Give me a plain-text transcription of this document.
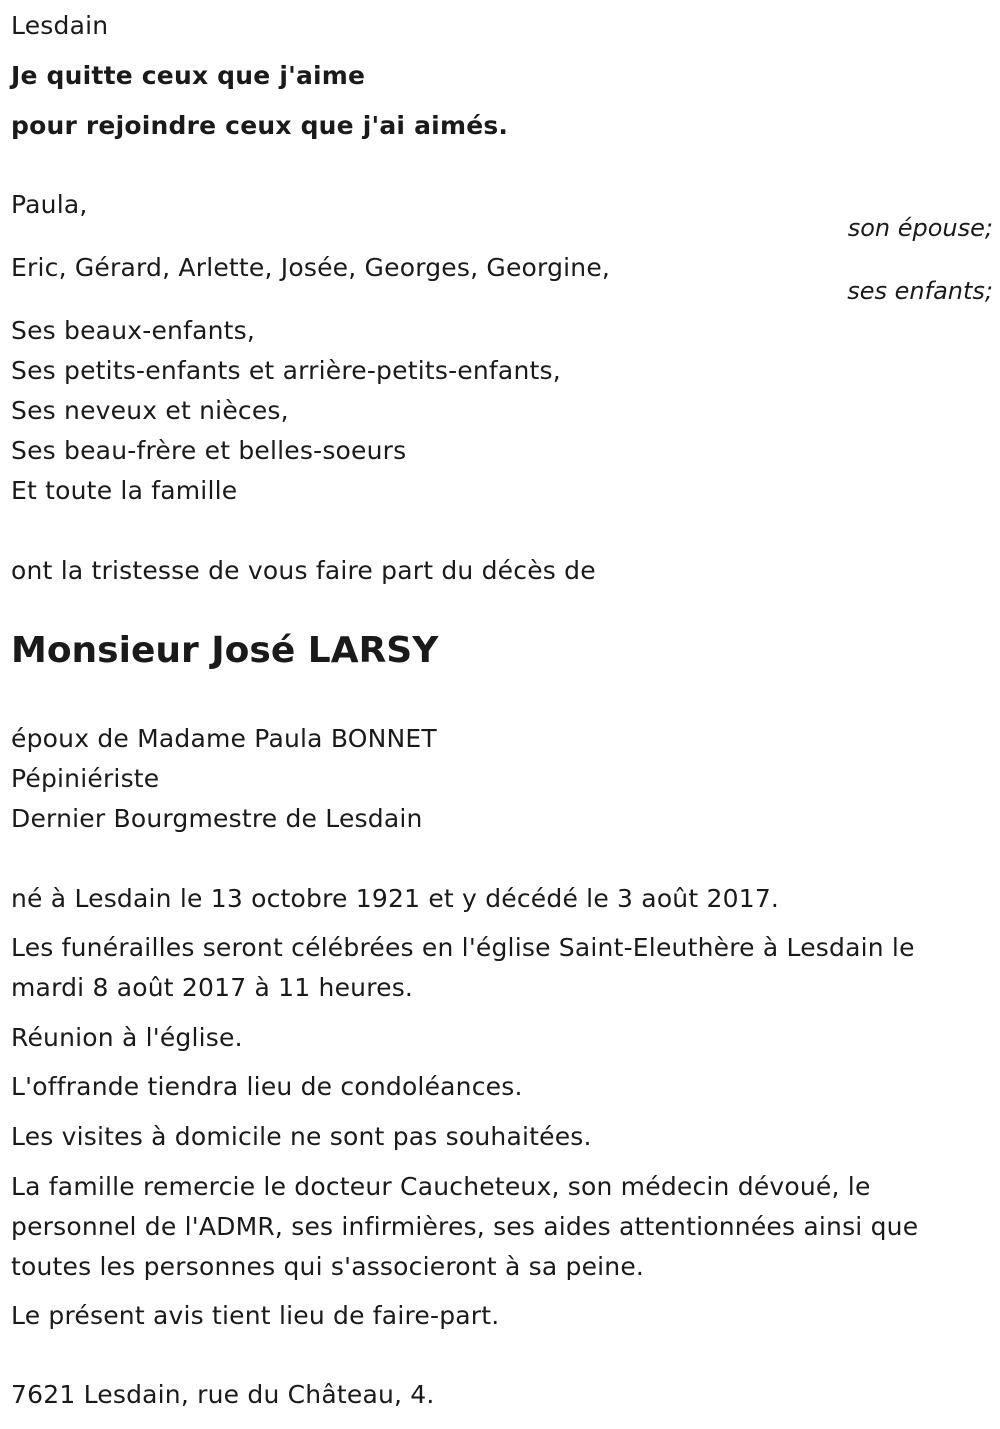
Lesdain
Je quitte ceux que j'aime
pour rejoindre ceux que j'ai aimés.
Paula,
son épouse;
Eric, Gérard, Arlette, Josée, Georges, Georgine,
ses enfants;
Ses beaux-enfants,
Ses petits-enfants et arrière-petits-enfants,
Ses neveux et nièces,
Ses beau-frère et belles-soeurs
Et toute la famille
ont la tristesse de vous faire part du décès de
Monsieur José LARSY
époux de Madame Paula BONNET
Pépiniériste
Dernier Bourgmestre de Lesdain

né à Lesdain le 13 octobre 1921 et y décédé le 3 août 2017.

Les funérailles seront célébrées en l'église Saint-Eleuthère à Lesdain le mardi 8 août 2017 à 11 heures.

Réunion à l'église.

L'offrande tiendra lieu de condoléances.

Les visites à domicile ne sont pas souhaitées.

La famille remercie le docteur Caucheteux, son médecin dévoué, le personnel de l'ADMR, ses infirmières, ses aides attentionnées ainsi que toutes les personnes qui s'associeront à sa peine.

Le présent avis tient lieu de faire-part.

7621 Lesdain, rue du Château, 4.
